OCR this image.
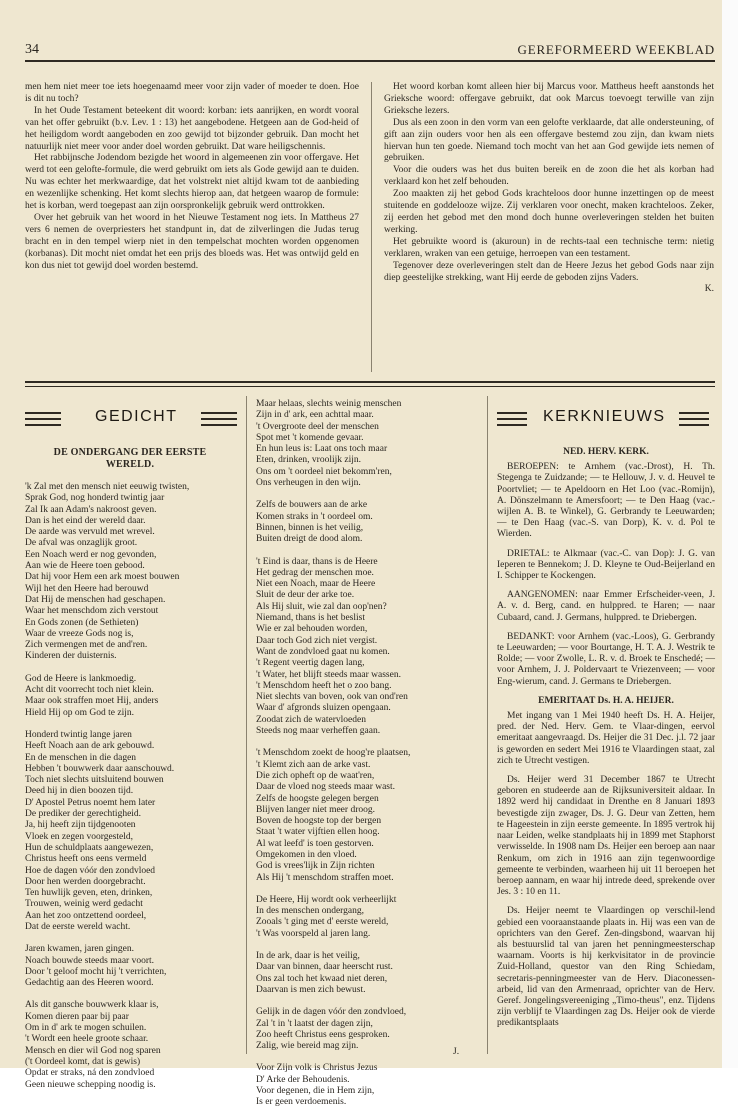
34	GEREFORMEERD WEEKBLAD

men hem niet meer toe iets hoegenaamd meer voor zijn vader of moeder te doen. Hoe is dit nu toch?

In het Oude Testament beteekent dit woord: korban: iets aanrijken, en wordt vooral van het offer gebruikt (b.v. Lev. 1 : 13) het aangebodene. Hetgeen aan de God-heid of het heiligdom wordt aangeboden en zoo gewijd tot bijzonder gebruik. Dan mocht het natuurlijk niet meer voor ander doel worden gebruikt. Dat ware heiligschennis.

Het rabbijnsche Jodendom bezigde het woord in algemeenen zin voor offergave. Het werd tot een gelofte-formule, die werd gebruikt om iets als Gode gewijd aan te duiden. Nu was echter het merkwaardige, dat het volstrekt niet altijd kwam tot de aanbieding en wezenlijke schenking. Het komt slechts hierop aan, dat hetgeen waarop de formule: het is korban, werd toegepast aan zijn oorspronkelijk gebruik werd onttrokken.

Over het gebruik van het woord in het Nieuwe Testament nog iets. In Mattheus 27 vers 6 nemen de overpriesters het standpunt in, dat de zilverlingen die Judas terug bracht en in den tempel wierp niet in den tempelschat mochten worden opgenomen (korbanas). Dit mocht niet omdat het een prijs des bloeds was. Het was ontwijd geld en kon dus niet tot gewijd doel worden bestemd.

Het woord korban komt alleen hier bij Marcus voor. Mattheus heeft aanstonds het Grieksche woord: offergave gebruikt, dat ook Marcus toevoegt terwille van zijn Grieksche lezers.

Dus als een zoon in den vorm van een gelofte verklaarde, dat alle ondersteuning, of gift aan zijn ouders voor hen als een offergave bestemd zou zijn, dan kwam niets hiervan hun ten goede. Niemand toch mocht van het aan God gewijde iets nemen of gebruiken.

Voor die ouders was het dus buiten bereik en de zoon die het als korban had verklaard kon het zelf behouden.

Zoo maakten zij het gebod Gods krachteloos door hunne inzettingen op de meest stuitende en goddelooze wijze. Zij verklaren voor onecht, maken krachteloos. Zeker, zij eerden het gebod met den mond doch hunne overleveringen stelden het buiten werking.

Het gebruikte woord is (akuroun) in de rechts-taal een technische term: nietig verklaren, wraken van een getuige, herroepen van een testament.

Tegenover deze overleveringen stelt dan de Heere Jezus het gebod Gods naar zijn diep geestelijke strekking, want Hij eerde de geboden zijns Vaders.

K.
GEDICHT
DE ONDERGANG DER EERSTE WERELD.
'k Zal met den mensch niet eeuwig twisten,
Sprak God, nog honderd twintig jaar
Zal Ik aan Adam's nakroost geven.
Dan is het eind der wereld daar.
De aarde was vervuld met wrevel.
De afval was onzaglijk groot.
Een Noach werd er nog gevonden,
Aan wie de Heere toen gebood.
Dat hij voor Hem een ark moest bouwen
Wijl het den Heere had berouwd
Dat Hij de menschen had geschapen.
Waar het menschdom zich verstout
En Gods zonen (de Sethieten)
Waar de vreeze Gods nog is,
Zich vermengen met de and'ren.
Kinderen der duisternis.
God de Heere is lankmoedig.
Acht dit voorrecht toch niet klein.
Maar ook straffen moet Hij, anders
Hield Hij op om God te zijn.
Honderd twintig lange jaren
Heeft Noach aan de ark gebouwd.
En de menschen in die dagen
Hebben 't bouwwerk daar aanschouwd.
Toch niet slechts uitsluitend bouwen
Deed hij in dien boozen tijd.
D' Apostel Petrus noemt hem later
De prediker der gerechtigheid.
Ja, hij heeft zijn tijdgenooten
Vloek en zegen voorgesteld,
Hun de schuldplaats aangewezen,
Christus heeft ons eens vermeld
Hoe de dagen vóór den zondvloed
Door hen werden doorgebracht.
Ten huwlijk geven, eten, drinken,
Trouwen, weinig werd gedacht
Aan het zoo ontzettend oordeel,
Dat de eerste wereld wacht.
Jaren kwamen, jaren gingen.
Noach bouwde steeds maar voort.
Door 't geloof mocht hij 't verrichten,
Gedachtig aan des Heeren woord.
Als dit gansche bouwwerk klaar is,
Komen dieren paar bij paar
Om in d' ark te mogen schuilen.
't Wordt een heele groote schaar.
Mensch en dier wil God nog sparen
('t Oordeel komt, dat is gewis)
Opdat er straks, ná den zondvloed
Geen nieuwe schepping noodig is.
Maar helaas, slechts weinig menschen
Zijn in d' ark, een achttal maar.
't Overgroote deel der menschen
Spot met 't komende gevaar.
En hun leus is: Laat ons toch maar
Eten, drinken, vroolijk zijn.
Ons om 't oordeel niet bekomm'ren,
Ons verheugen in den wijn.
Zelfs de bouwers aan de arke
Komen straks in 't oordeel om.
Binnen, binnen is het veilig,
Buiten dreigt de dood alom.
't Eind is daar, thans is de Heere
Het gedrag der menschen moe.
Niet een Noach, maar de Heere
Sluit de deur der arke toe.
Als Hij sluit, wie zal dan oop'nen?
Niemand, thans is het beslist
Wie er zal behouden worden,
Daar toch God zich niet vergist.
Want de zondvloed gaat nu komen.
't Regent veertig dagen lang,
't Water, het blijft steeds maar wassen.
't Menschdom heeft het o zoo bang.
Niet slechts van boven, ook van ond'ren
Waar d' afgronds sluizen opengaan.
Zoodat zich de watervloeden
Steeds nog maar verheffen gaan.
't Menschdom zoekt de hoog're plaatsen,
't Klemt zich aan de arke vast.
Die zich opheft op de waat'ren,
Daar de vloed nog steeds maar wast.
Zelfs de hoogste gelegen bergen
Blijven langer niet meer droog.
Boven de hoogste top der bergen
Staat 't water vijftien ellen hoog.
Al wat leefd' is toen gestorven.
Omgekomen in den vloed.
God is vrees'lijk in Zijn richten
Als Hij 't menschdom straffen moet.
De Heere, Hij wordt ook verheerlijkt
In des menschen ondergang,
Zooals 't ging met d' eerste wereld,
't Was voorspeld al jaren lang.
In de ark, daar is het veilig,
Daar van binnen, daar heerscht rust.
Ons zal toch het kwaad niet deren,
Daarvan is men zich bewust.
Gelijk in de dagen vóór den zondvloed,
Zal 't in 't laatst der dagen zijn,
Zoo heeft Christus eens gesproken.
Zalig, wie bereid mag zijn.
Voor Zijn volk is Christus Jezus
D' Arke der Behoudenis.
Voor degenen, die in Hem zijn,
Is er geen verdoemenis.
J.
KERKNIEUWS
NED. HERV. KERK.

BEROEPEN: te Arnhem (vac.-Drost), H. Th. Stegenga te Zuidzande; — te Hellouw, J. v. d. Heuvel te Poortvliet; — te Apeldoorn en Het Loo (vac.-Romijn), A. Dönszelmann te Amersfoort; — te Den Haag (vac.-wijlen A. B. te Winkel), G. Gerbrandy te Leeuwarden; — te Den Haag (vac.-S. van Dorp), K. v. d. Pol te Wierden.

DRIETAL: te Alkmaar (vac.-C. van Dop): J. G. van Ieperen te Bennekom; J. D. Kleyne te Oud-Beijerland en I. Schipper te Kockengen.

AANGENOMEN: naar Emmer Erfscheider-veen, J. A. v. d. Berg, cand. en hulppred. te Haren; — naar Cubaard, cand. J. Germans, hulppred. te Driebergen.

BEDANKT: voor Arnhem (vac.-Loos), G. Gerbrandy te Leeuwarden; — voor Bourtange, H. T. A. J. Westrik te Rolde; — voor Zwolle, L. R. v. d. Broek te Enschedé; — voor Arnhem, J. J. Poldervaart te Vriezenveen; — voor Eng-wierum, cand. J. Germans te Driebergen.

EMERITAAT Ds. H. A. HEIJER.

Met ingang van 1 Mei 1940 heeft Ds. H. A. Heijer, pred. der Ned. Herv. Gem. te Vlaar-dingen, eervol emeritaat aangevraagd. Ds. Heijer die 31 Dec. j.l. 72 jaar is geworden en sedert Mei 1916 te Vlaardingen staat, zal zich te Utrecht vestigen.

Ds. Heijer werd 31 December 1867 te Utrecht geboren en studeerde aan de Rijksuniversiteit aldaar. In 1892 werd hij candidaat in Drenthe en 8 Januari 1893 bevestigde zijn zwager, Ds. J. G. Deur van Zetten, hem te Hageestein in zijn eerste gemeente. In 1895 vertrok hij naar Leiden, welke standplaats hij in 1899 met Staphorst verwisselde. In 1908 nam Ds. Heijer een beroep aan naar Renkum, om zich in 1916 aan zijn tegenwoordige gemeente te verbinden, waarheen hij uit 11 beroepen het beroep aannam, en waar hij intrede deed, sprekende over Jes. 3 : 10 en 11.

Ds. Heijer neemt te Vlaardingen op verschil-lend gebied een vooraanstaande plaats in. Hij was een van de oprichters van den Geref. Zen-dingsbond, waarvan hij als bestuurslid tal van jaren het penningmeesterschap waarnam. Voorts is hij kerkvisitator in de provincie Zuid-Holland, questor van den Ring Schiedam, secretaris-penningmeester van de Herv. Diaconessen-arbeid, lid van den Armenraad, oprichter van de Herv. Geref. Jongelingsvereeniging „Timo-theus", enz. Tijdens zijn verblijf te Vlaardingen zag Ds. Heijer ook de vierde predikantsplaats
